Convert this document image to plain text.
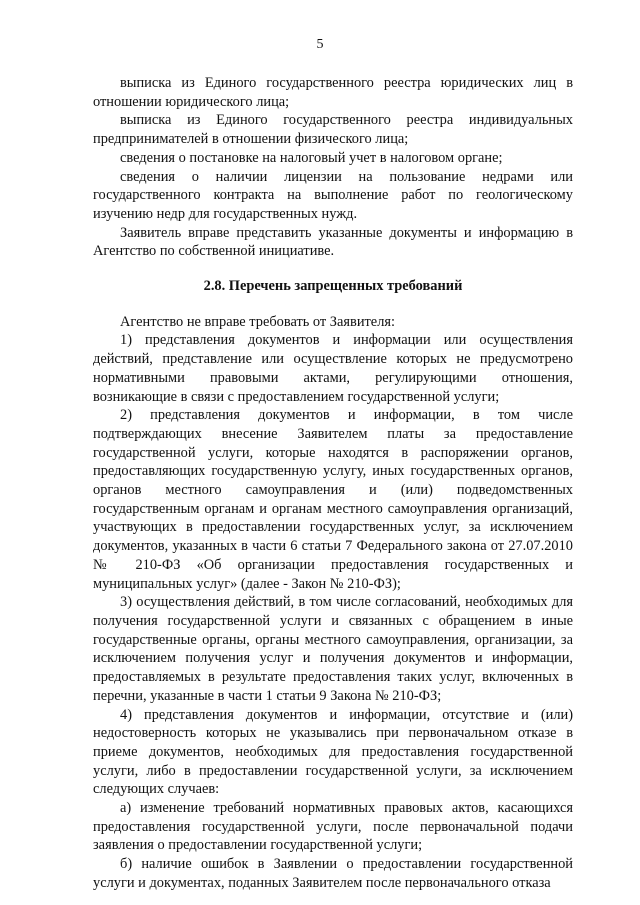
5

выписка из Единого государственного реестра юридических лиц в отношении юридического лица;

выписка из Единого государственного реестра индивидуальных предпринимателей в отношении физического лица;

сведения о постановке на налоговый учет в налоговом органе;

сведения о наличии лицензии на пользование недрами или государственного контракта на выполнение работ по геологическому изучению недр для государственных нужд.

Заявитель вправе представить указанные документы и информацию в Агентство по собственной инициативе.

2.8. Перечень запрещенных требований

Агентство не вправе требовать от Заявителя:

1) представления документов и информации или осуществления действий, представление или осуществление которых не предусмотрено нормативными правовыми актами, регулирующими отношения, возникающие в связи с предоставлением государственной услуги;

2) представления документов и информации, в том числе подтверждающих внесение Заявителем платы за предоставление государственной услуги, которые находятся в распоряжении органов, предоставляющих государственную услугу, иных государственных органов, органов местного самоуправления и (или) подведомственных государственным органам и органам местного самоуправления организаций, участвующих в предоставлении государственных услуг, за исключением документов, указанных в части 6 статьи 7 Федерального закона от 27.07.2010 № 210-ФЗ «Об организации предоставления государственных и муниципальных услуг» (далее - Закон № 210-ФЗ);

3) осуществления действий, в том числе согласований, необходимых для получения государственной услуги и связанных с обращением в иные государственные органы, органы местного самоуправления, организации, за исключением получения услуг и получения документов и информации, предоставляемых в результате предоставления таких услуг, включенных в перечни, указанные в части 1 статьи 9 Закона № 210-ФЗ;

4) представления документов и информации, отсутствие и (или) недостоверность которых не указывались при первоначальном отказе в приеме документов, необходимых для предоставления государственной услуги, либо в предоставлении государственной услуги, за исключением следующих случаев:

а) изменение требований нормативных правовых актов, касающихся предоставления государственной услуги, после первоначальной подачи заявления о предоставлении государственной услуги;

б) наличие ошибок в Заявлении о предоставлении государственной услуги и документах, поданных Заявителем после первоначального отказа
